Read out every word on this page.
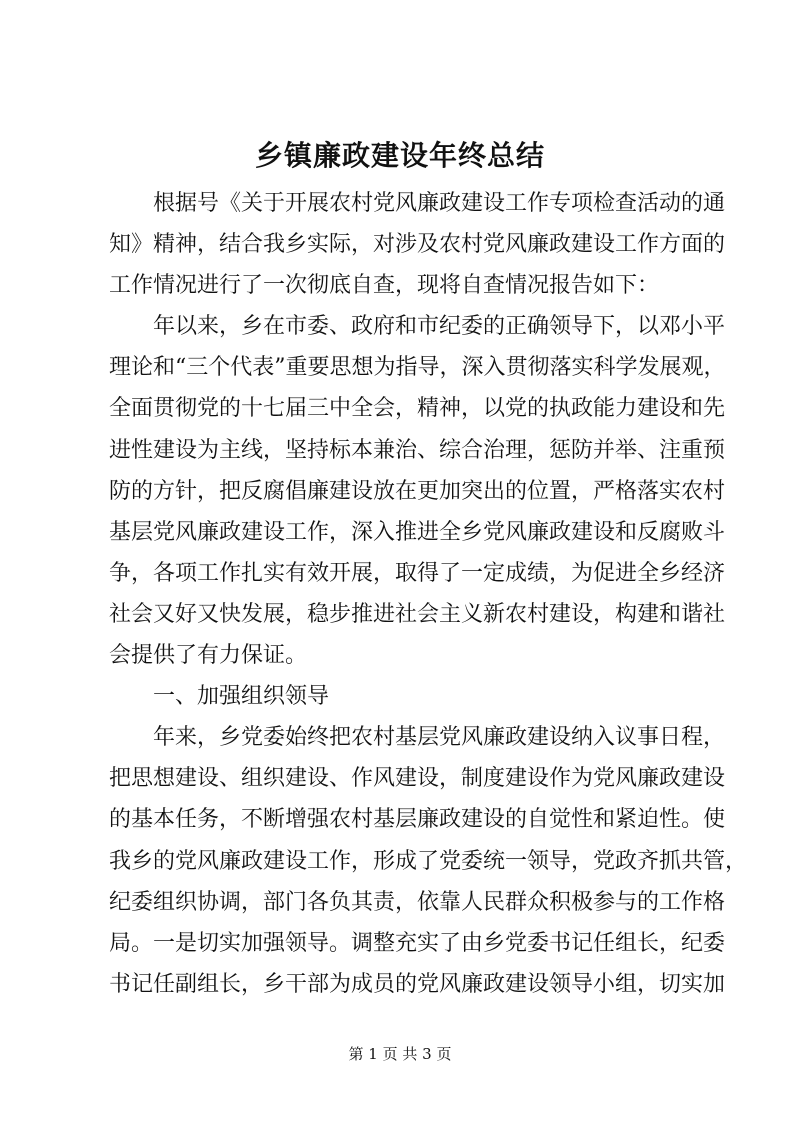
乡镇廉政建设年终总结
根据号《关于开展农村党风廉政建设工作专项检查活动的通
知》精神，结合我乡实际，对涉及农村党风廉政建设工作方面的
工作情况进行了一次彻底自查，现将自查情况报告如下：
年以来，乡在市委、政府和市纪委的正确领导下，以邓小平
理论和“三个代表”重要思想为指导，深入贯彻落实科学发展观，
全面贯彻党的十七届三中全会，精神，以党的执政能力建设和先
进性建设为主线，坚持标本兼治、综合治理，惩防并举、注重预
防的方针，把反腐倡廉建设放在更加突出的位置，严格落实农村
基层党风廉政建设工作，深入推进全乡党风廉政建设和反腐败斗
争，各项工作扎实有效开展，取得了一定成绩，为促进全乡经济
社会又好又快发展，稳步推进社会主义新农村建设，构建和谐社
会提供了有力保证。
一、加强组织领导
年来，乡党委始终把农村基层党风廉政建设纳入议事日程，
把思想建设、组织建设、作风建设，制度建设作为党风廉政建设
的基本任务，不断增强农村基层廉政建设的自觉性和紧迫性。使
我乡的党风廉政建设工作，形成了党委统一领导，党政齐抓共管，
纪委组织协调，部门各负其责，依靠人民群众积极参与的工作格
局。一是切实加强领导。调整充实了由乡党委书记任组长，纪委
书记任副组长，乡干部为成员的党风廉政建设领导小组，切实加
第 1 页 共 3 页
